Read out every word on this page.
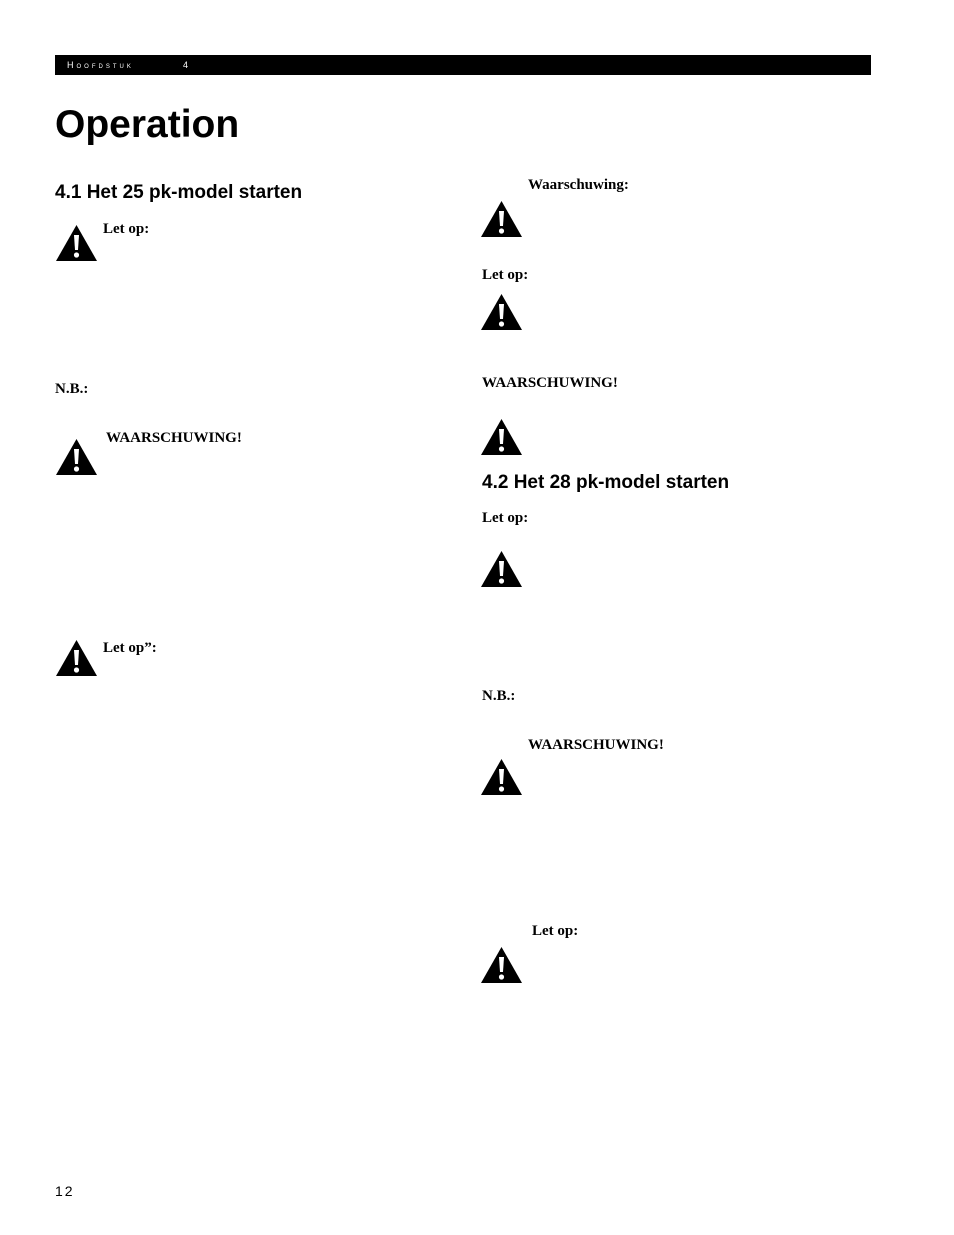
Hoofdstuk	4
Operation
4.1 Het 25 pk-model starten
Let op:
N.B.:
WAARSCHUWING!
Let op”:
Waarschuwing:
Let op:
WAARSCHUWING!
4.2 Het 28 pk-model starten
Let op:
N.B.:
WAARSCHUWING!
Let op:
12
